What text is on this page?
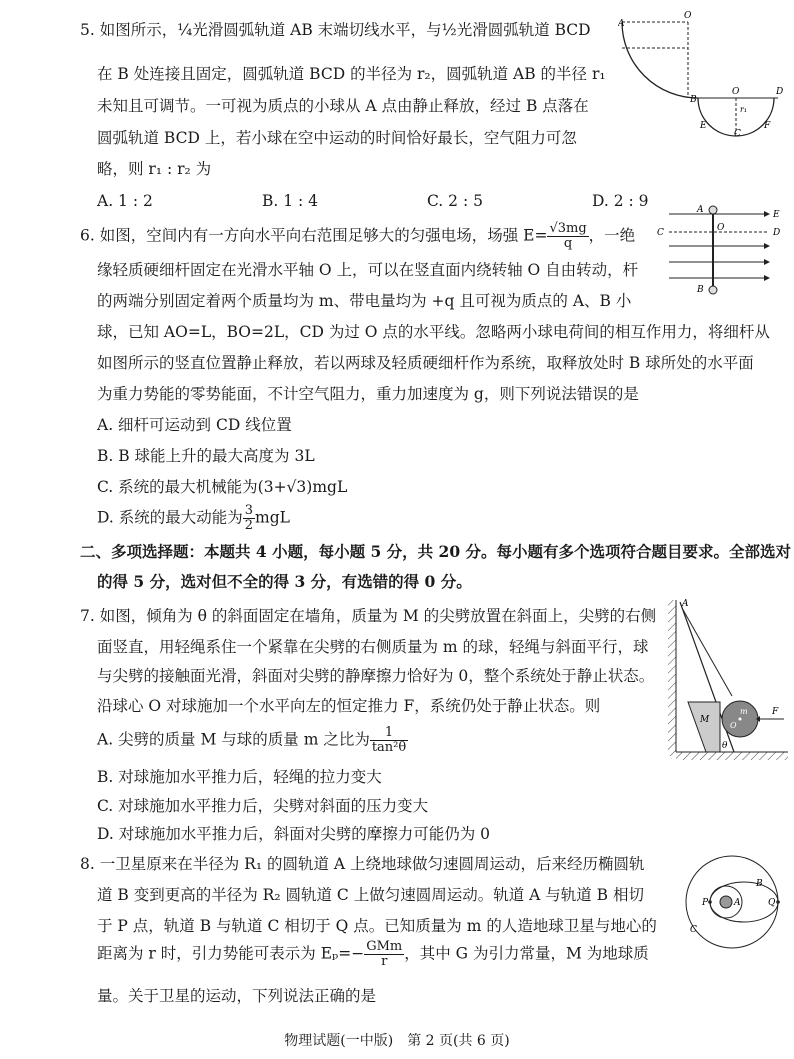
5. 如图所示，¼光滑圆弧轨道 AB 末端切线水平，与½光滑圆弧轨道 BCD
在 B 处连接且固定，圆弧轨道 BCD 的半径为 r₂，圆弧轨道 AB 的半径 r₁
未知且可调节。一可视为质点的小球从 A 点由静止释放，经过 B 点落在
圆弧轨道 BCD 上，若小球在空中运动的时间恰好最长，空气阻力可忽
略，则 r₁ : r₂ 为
A. 1 : 2	B. 1 : 4	C. 2 : 5	D. 2 : 9
A
O
B
O	D
E
C
F
r₁
6. 如图，空间内有一方向水平向右范围足够大的匀强电场，场强 $E= \frac{√3mg}{q}$ ，一绝
缘轻质硬细杆固定在光滑水平轴 O 上，可以在竖直面内绕转轴 O 自由转动，杆
的两端分别固定着两个质量均为 m、带电量均为 +q 且可视为质点的 A、B 小
球，已知 AO=L，BO=2L，CD 为过 O 点的水平线。忽略两小球电荷间的相互作用力，将细杆从
如图所示的竖直位置静止释放，若以两球及轻质硬细杆作为系统，取释放处时 B 球所处的水平面
为重力势能的零势能面，不计空气阻力，重力加速度为 g，则下列说法错误的是
A. 细杆可运动到 CD 线位置
B. B 球能上升的最大高度为 3L
C. 系统的最大机械能为(3+√3)mgL
D. 系统的最大动能为 $\frac{3}{2}$ mgL
A	E
C	O	D
B
二、多项选择题：本题共 4 小题，每小题 5 分，共 20 分。每小题有多个选项符合题目要求。全部选对
的得 5 分，选对但不全的得 3 分，有选错的得 0 分。
7. 如图，倾角为 θ 的斜面固定在墙角，质量为 M 的尖劈放置在斜面上，尖劈的右侧
面竖直，用轻绳系住一个紧靠在尖劈的右侧质量为 m 的球，轻绳与斜面平行，球
与尖劈的接触面光滑，斜面对尖劈的静摩擦力恰好为 0，整个系统处于静止状态。
沿球心 O 对球施加一个水平向左的恒定推力 F，系统仍处于静止状态。则
A. 尖劈的质量 M 与球的质量 m 之比为 $\frac{1}{\text{tan²θ}}$
B. 对球施加水平推力后，轻绳的拉力变大
C. 对球施加水平推力后，尖劈对斜面的压力变大
D. 对球施加水平推力后，斜面对尖劈的摩擦力可能仍为 0
A
M
m
O
F
θ
8. 一卫星原来在半径为 R₁ 的圆轨道 A 上绕地球做匀速圆周运动，后来经历椭圆轨
道 B 变到更高的半径为 R₂ 圆轨道 C 上做匀速圆周运动。轨道 A 与轨道 B 相切
于 P 点，轨道 B 与轨道 C 相切于 Q 点。已知质量为 m 的人造地球卫星与地心的
距离为 r 时，引力势能可表示为 $E_p=- \frac{\text{GMm}}{r}$ ，其中 G 为引力常量，M 为地球质
量。关于卫星的运动，下列说法正确的是
P	A
B
Q
C
物理试题(一中版)　第 2 页(共 6 页)
